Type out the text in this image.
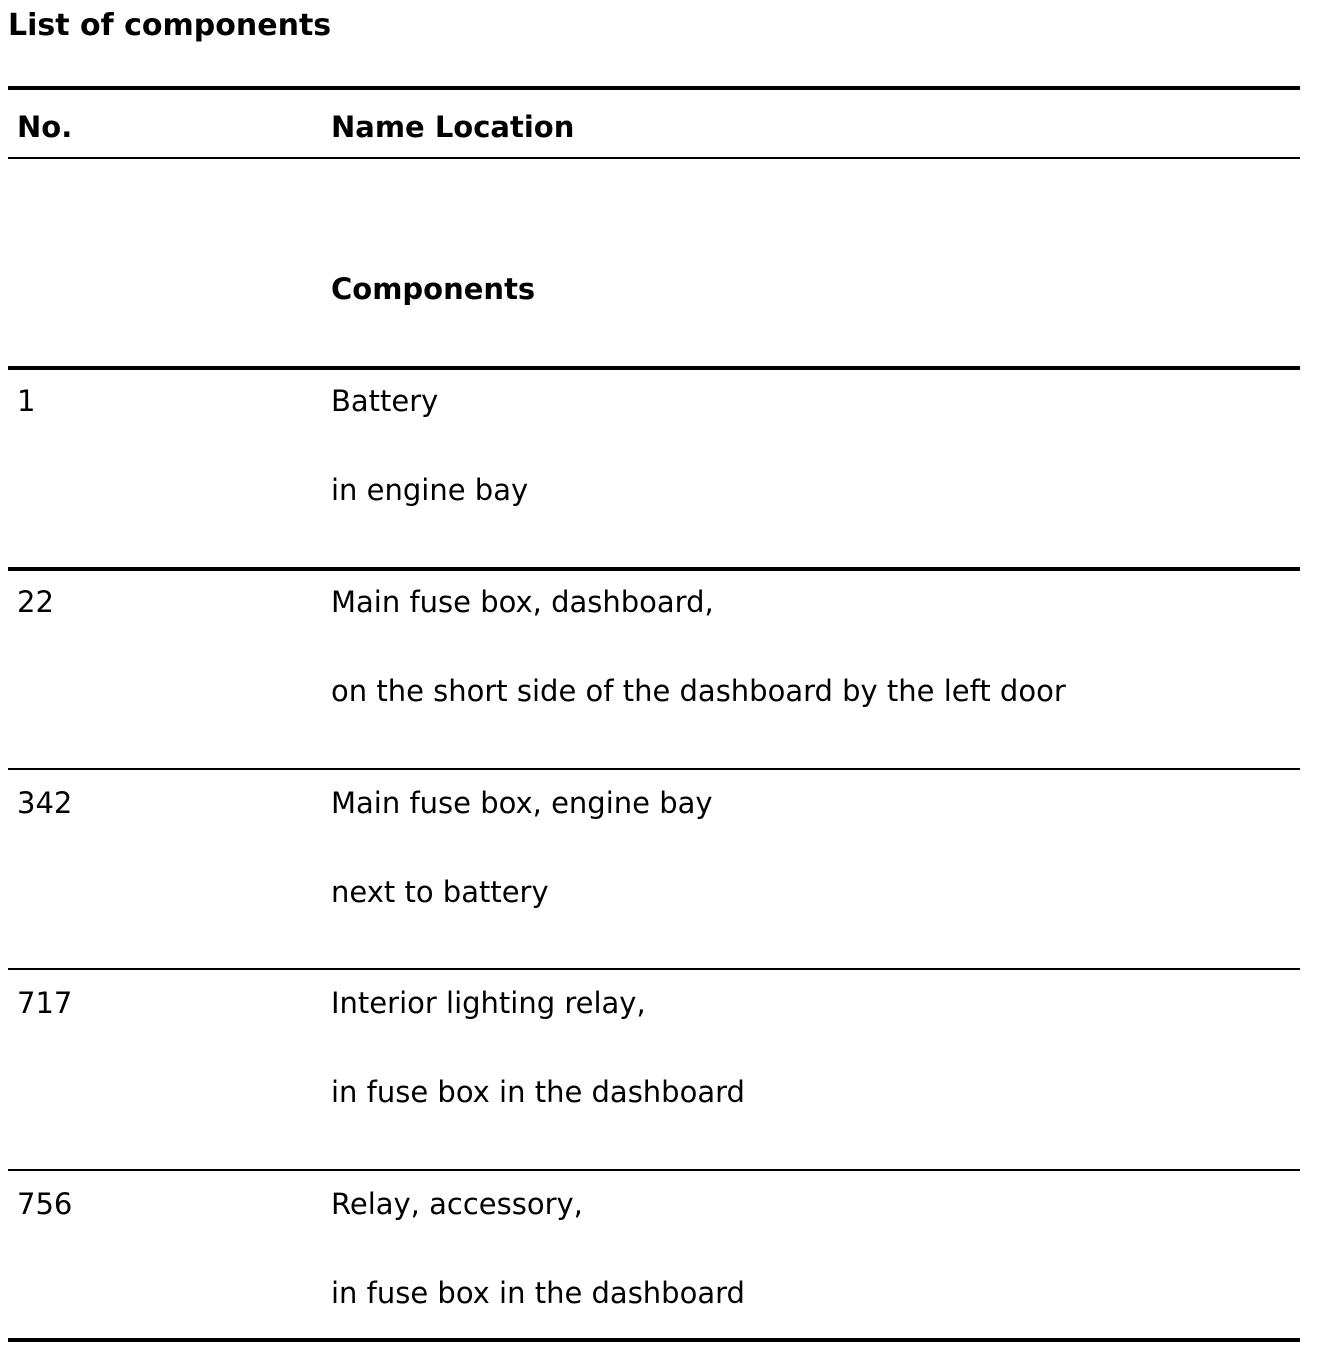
List of components
No.	Name Location
Components
1	Battery
in engine bay
22	Main fuse box, dashboard,
on the short side of the dashboard by the left door
342	Main fuse box, engine bay
next to battery
717	Interior lighting relay,
in fuse box in the dashboard
756	Relay, accessory,
in fuse box in the dashboard
